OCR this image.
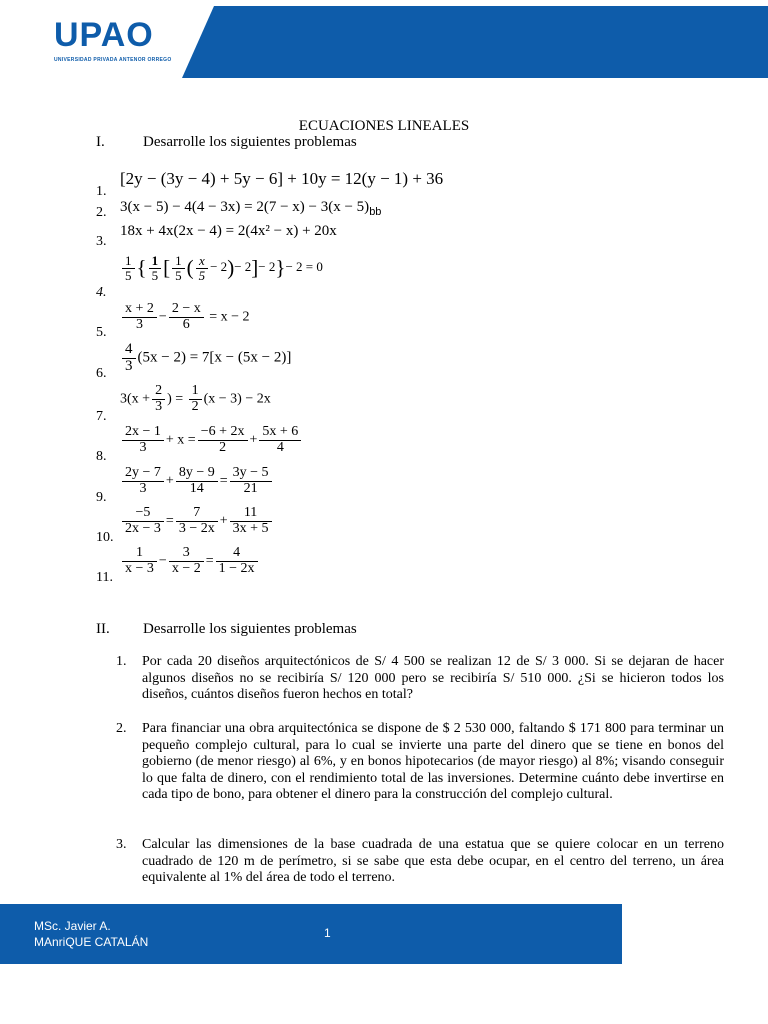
UPAO
UNIVERSIDAD PRIVADA ANTENOR ORREGO
ECUACIONES LINEALES
I.	Desarrolle los siguientes problemas
1.
[2y − (3y − 4) + 5y − 6] + 10y = 12(y − 1) + 36
2. $3(x - 5) - 4(4 - 3x) = 2(7 - x) - 3(x - 5)_{bb}$
3.
18x + 4x(2x − 4) = 2(4x² − x) + 20x
4.
$\frac{1}{5}$ { $\frac{1}{5}$ [ $\frac{1}{5}$ ( $\frac{x}{5} - 2)- 2]- 2\}- 2 = 0$
5.
$\frac{x + 2}{3} - \frac{2 - x}{6} = x - 2$
6. $\frac{4}{3} (5x - 2) = 7[x - (5x - 2)]$
7.
$3(x + \frac{2}{3}$ ) = $\frac{1}{2} (x - 3) - 2x$
8.
$\frac{2x - 1}{3} + x = \frac{-6 + 2x}{2} + \frac{5x + 6}{4}$
9.
$\frac{2y - 7}{3} + \frac{8y - 9}{14} = \frac{3y - 5}{21}$
10.
$\frac{-5}{2x - 3} = \frac{7}{3 - 2x} + \frac{11}{3x + 5}$
11.
$\frac{1}{x - 3} - \frac{3}{x - 2} = \frac{4}{1 - 2x}$
II. Desarrolle los siguientes problemas
1. Por cada 20 diseños arquitectónicos de S/ 4 500 se realizan 12 de S/ 3 000. Si se dejaran de hacer algunos diseños no se recibiría S/ 120 000 pero se recibiría S/ 510 000. ¿Si se hicieron todos los diseños, cuántos diseños fueron hechos en total?
2. Para financiar una obra arquitectónica se dispone de $ 2 530 000, faltando $ 171 800 para terminar un pequeño complejo cultural, para lo cual se invierte una parte del dinero que se tiene en bonos del gobierno (de menor riesgo) al 6%, y en bonos hipotecarios (de mayor riesgo) al 8%; visando conseguir lo que falta de dinero, con el rendimiento total de las inversiones. Determine cuánto debe invertirse en cada tipo de bono, para obtener el dinero para la construcción del complejo cultural.
3. Calcular las dimensiones de la base cuadrada de una estatua que se quiere colocar en un terreno cuadrado de 120 m de perímetro, si se sabe que esta debe ocupar, en el centro del terreno, un área equivalente al 1% del área de todo el terreno.
MSc. Javier A.
MAnriQUE CATALÁN
1
